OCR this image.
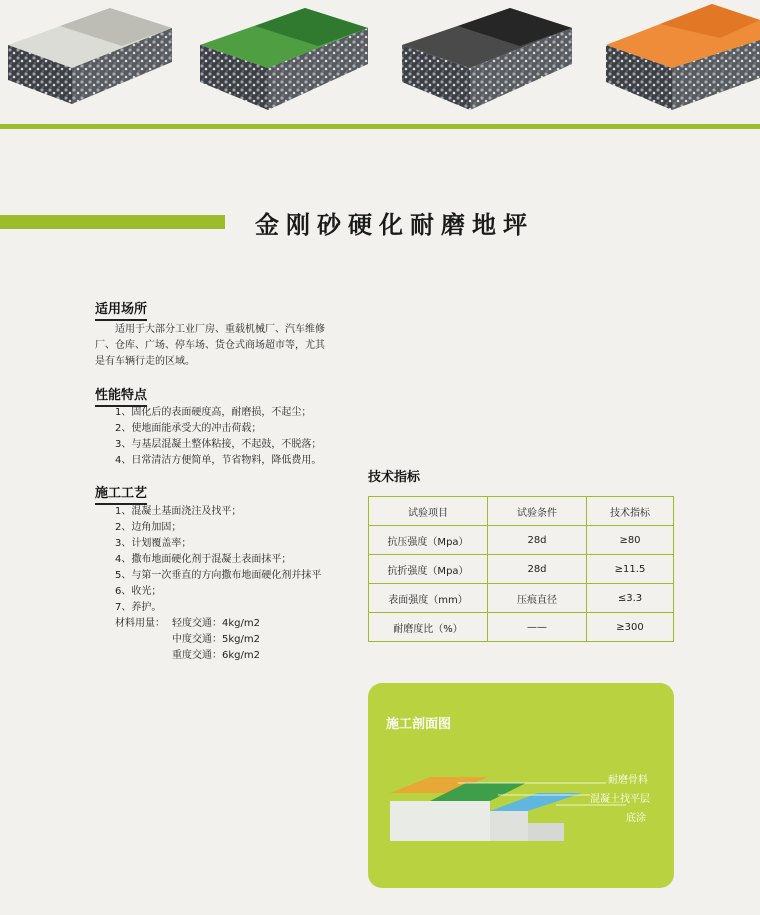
金刚砂硬化耐磨地坪
适用场所
适用于大部分工业厂房、重载机械厂、汽车维修
厂、仓库、广场、停车场、货仓式商场超市等，尤其
是有车辆行走的区域。
性能特点
1、固化后的表面硬度高，耐磨损，不起尘；
2、使地面能承受大的冲击荷载；
3、与基层混凝土整体粘接，不起鼓，不脱落；
4、日常清洁方便简单，节省物料，降低费用。
施工工艺
1、混凝土基面浇注及找平；
2、边角加固；
3、计划覆盖率；
4、撒布地面硬化剂于混凝土表面抹平；
5、与第一次垂直的方向撒布地面硬化剂并抹平
6、收光；
7、养护。
材料用量： 轻度交通：4kg/m2
中度交通：5kg/m2
重度交通：6kg/m2
技术指标
试验项目	试验条件	技术指标
抗压强度（Mpa）	28d	≥80
抗折强度（Mpa）	28d	≥11.5
表面强度（mm）	压痕直径	≤3.3
耐磨度比（%）	——	≥300
施工剖面图
耐磨骨料
混凝土找平层
底涂
